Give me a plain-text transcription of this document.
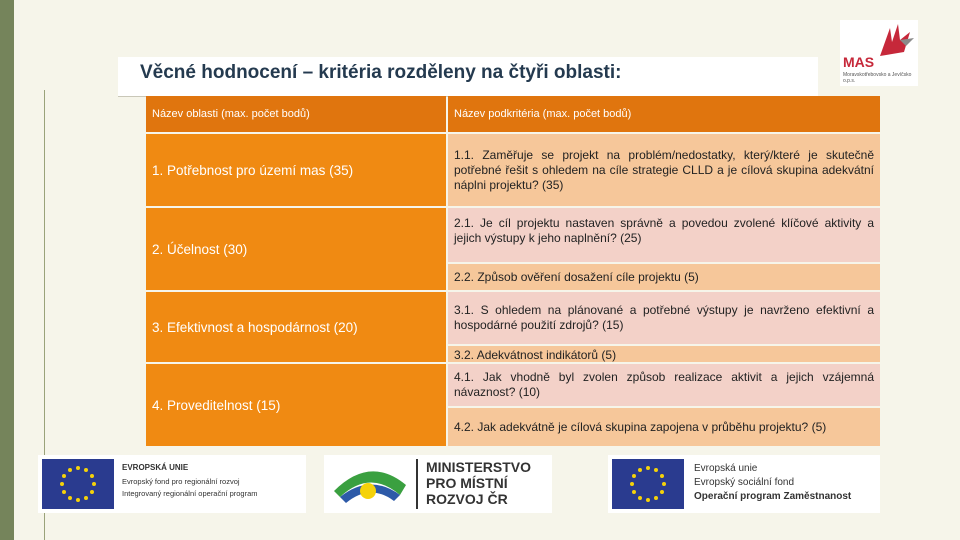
Věcné hodnocení – kritéria rozděleny na čtyři oblasti:	MAS
Moravskotřebovsko a Jevíčsko o.p.s.
Název oblasti (max. počet bodů)	Název podkritéria (max. počet bodů)
1. Potřebnost pro území mas (35)
2. Účelnost (30)
3. Efektivnost a hospodárnost (20)
4. Proveditelnost (15)
1.1. Zaměřuje se projekt na problém/nedostatky, který/které je skutečně potřebné řešit s ohledem na cíle strategie CLLD a je cílová skupina adekvátní náplni projektu? (35)
2.1. Je cíl projektu nastaven správně a povedou zvolené klíčové aktivity a jejich výstupy k jeho naplnění? (25)
2.2. Způsob ověření dosažení cíle projektu (5)
3.1. S ohledem na plánované a potřebné výstupy je navrženo efektivní a hospodárné použití zdrojů? (15)
3.2. Adekvátnost indikátorů (5)
4.1. Jak vhodně byl zvolen způsob realizace aktivit a jejich vzájemná návaznost? (10)
4.2. Jak adekvátně je cílová skupina zapojena v průběhu projektu? (5)
EVROPSKÁ UNIE
Evropský fond pro regionální rozvoj
Integrovaný regionální operační program
MINISTERSTVO
PRO MÍSTNÍ
ROZVOJ ČR
Evropská unie
Evropský sociální fond
Operační program Zaměstnanost
